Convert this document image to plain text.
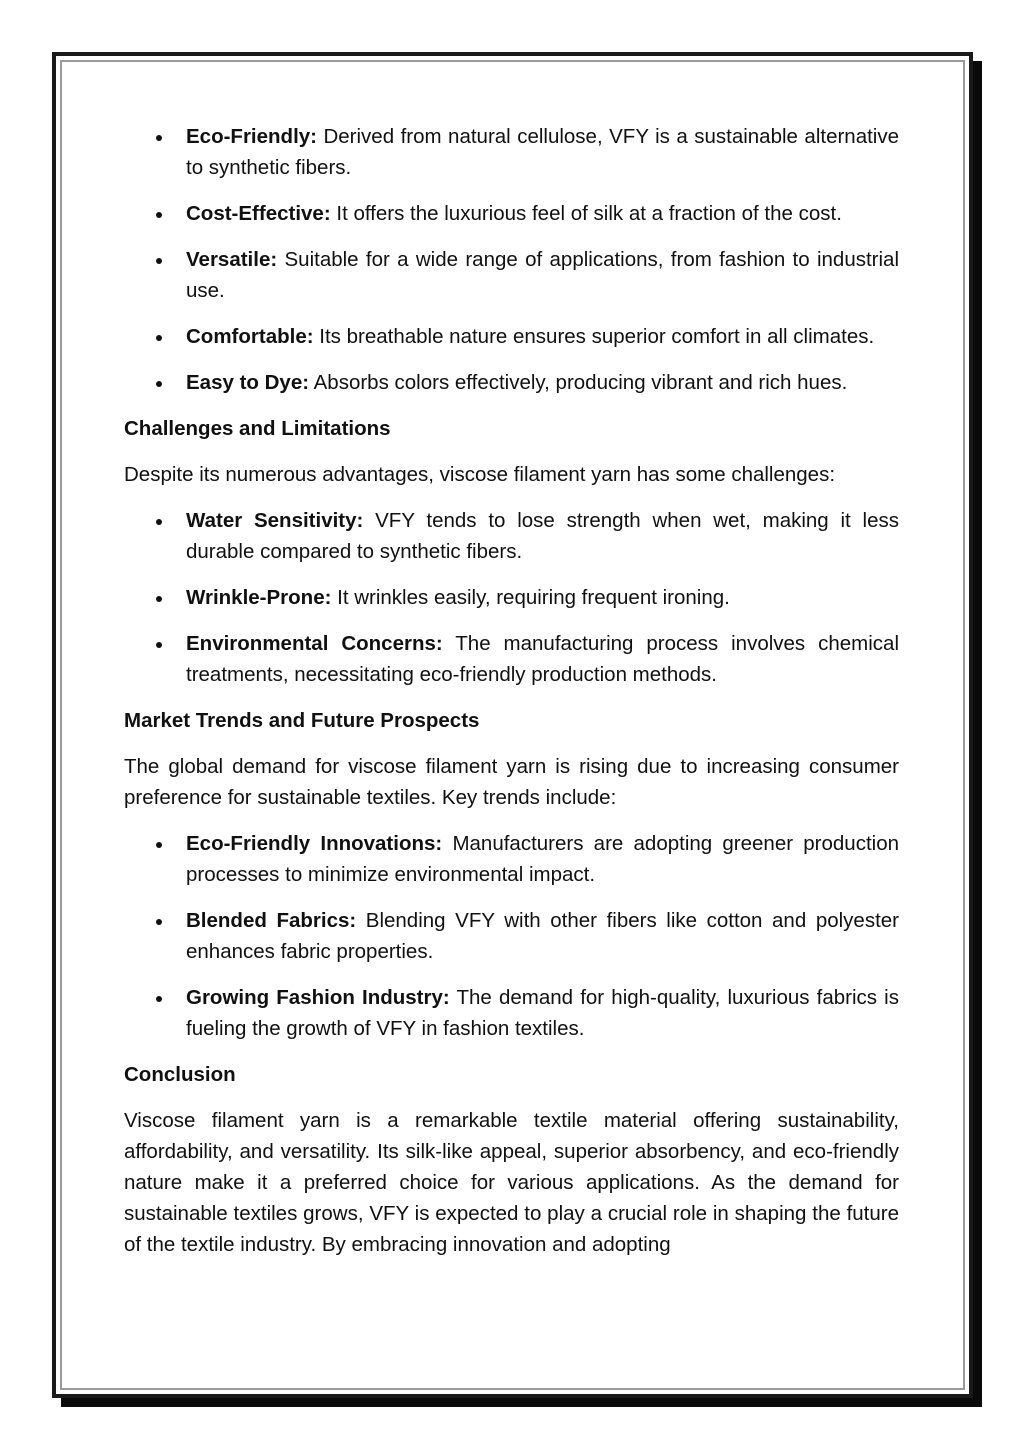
Eco-Friendly: Derived from natural cellulose, VFY is a sustainable alternative to synthetic fibers.
Cost-Effective: It offers the luxurious feel of silk at a fraction of the cost.
Versatile: Suitable for a wide range of applications, from fashion to industrial use.
Comfortable: Its breathable nature ensures superior comfort in all climates.
Easy to Dye: Absorbs colors effectively, producing vibrant and rich hues.
Challenges and Limitations

Despite its numerous advantages, viscose filament yarn has some challenges:

Water Sensitivity: VFY tends to lose strength when wet, making it less durable compared to synthetic fibers.
Wrinkle-Prone: It wrinkles easily, requiring frequent ironing.
Environmental Concerns: The manufacturing process involves chemical treatments, necessitating eco-friendly production methods.
Market Trends and Future Prospects

The global demand for viscose filament yarn is rising due to increasing consumer preference for sustainable textiles. Key trends include:

Eco-Friendly Innovations: Manufacturers are adopting greener production processes to minimize environmental impact.
Blended Fabrics: Blending VFY with other fibers like cotton and polyester enhances fabric properties.
Growing Fashion Industry: The demand for high-quality, luxurious fabrics is fueling the growth of VFY in fashion textiles.
Conclusion

Viscose filament yarn is a remarkable textile material offering sustainability, affordability, and versatility. Its silk-like appeal, superior absorbency, and eco-friendly nature make it a preferred choice for various applications. As the demand for sustainable textiles grows, VFY is expected to play a crucial role in shaping the future of the textile industry. By embracing innovation and adopting
